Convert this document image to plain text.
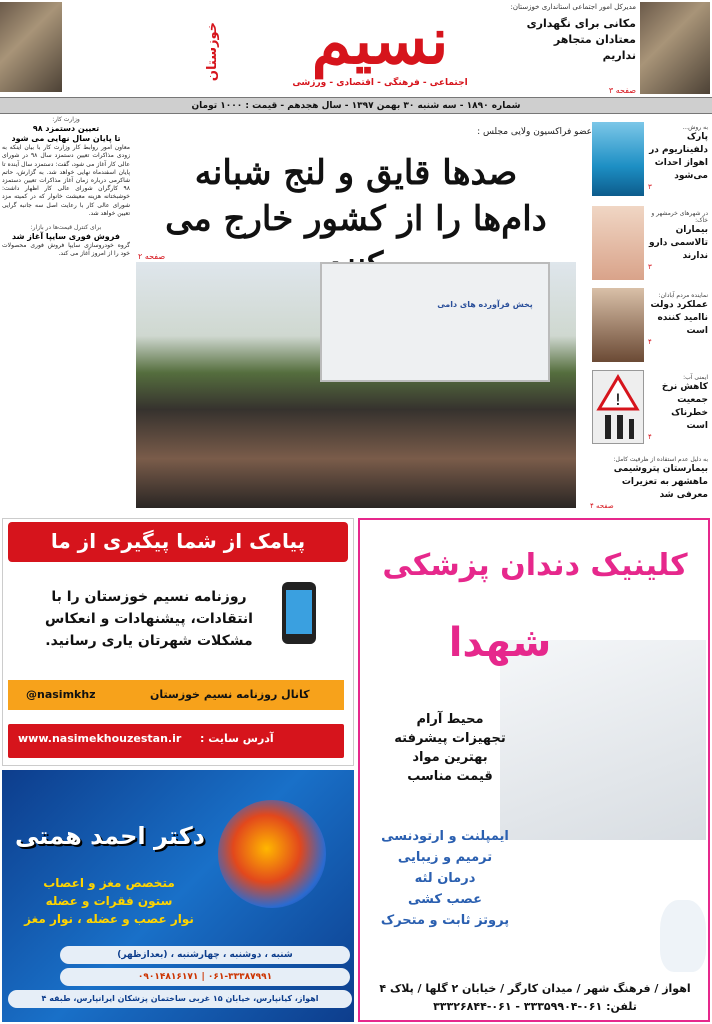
خوزستان	نسیم
اجتماعی - فرهنگی - اقتصادی - ورزشی
مدیرکل امور اجتماعی استانداری خوزستان:
مکانی برای نگهداری معتادان متجاهر نداریم
صفحه ۳
شماره ۱۸۹۰ - سه شنبه ۳۰ بهمن ۱۳۹۷ - سال هجدهم - قیمت : ۱۰۰۰ تومان
وزارت کار:
تعیین دستمزد ۹۸
تا پایان سال نهایی می شود

معاون امور روابط کار وزارت کار با بیان اینکه به زودی مذاکرات تعیین دستمزد سال ۹۸ در شورای عالی کار آغاز می شود، گفت: دستمزد سال آینده تا پایان اسفندماه نهایی خواهد شد. به گزارش، حاتم شاکرمی درباره زمان آغاز مذاکرات تعیین دستمزد ۹۸ کارگران شورای عالی کار اظهار داشت: خوشبختانه هزینه معیشت خانوار که در کمیته مزد شورای عالی کار با رعایت اصل سه جانبه گرایی تعیین خواهد شد.

برای کنترل قیمت‌ها در بازار:
فروش فوری سایپا آغاز شد

گروه خودروسازی سایپا فروش فوری محصولات خود را از امروز آغاز می کند.

عضو فراکسیون ولایی مجلس :
صدها قایق و لنج شبانه
دام‌ها را از کشور خارج می
صفحه ۲
پخش فرآورده های دامی
به روش...
پارک دلفیناریوم در اهواز احداث می‌شود
۳
در شهرهای خرمشهر و خاک:
بیماران تالاسمی دارو ندارند
۳
نماینده مردم آبادان:
عملکرد دولت ناامید کننده است
۴
!
ایمنی آب:
کاهش نرخ جمعیت خطرناک است
۴
به دلیل عدم استفاده از ظرفیت کامل:
بیمارستان پتروشیمی ماهشهر به تعزیرات معرفی شد
صفحه ۴
پیامک از شما پیگیری از ما
روزنامه نسیم خوزستان را با انتقادات، پیشنهادات و انعکاس مشکلات شهرتان یاری رسانید.
کانال روزنامه نسیم خوزستان
@nasimkhz
آدرس سایت :
www.nasimekhouzestan.ir
دکتر احمد همتی
متخصص مغز و اعصاب
ستون فقرات و عضله
نوار عصب و عضله ، نوار مغز
شنبه ، دوشنبه ، چهارشنبه ، (بعدازظهر)
۰۶۱-۳۳۳۸۷۹۹۱ | ۰۹۰۱۴۸۱۶۱۷۱
اهواز، کیانپارس، خیابان ۱۵ غربی ساختمان پزشکان ایرانپارس، طبقه ۴
کلینیک دندان پزشکی
شهدا
محیط آرام
تجهیزات پیشرفته
بهترین مواد
قیمت مناسب
ایمپلنت و ارتودنسی
ترمیم و زیبایی
درمان لثه
عصب کشی
پروتز ثابت و متحرک
اهواز / فرهنگ شهر / میدان کارگر / خیابان ۲ گلها / پلاک ۴
تلفن: ۰۶۱-۳۳۳۵۹۹۰۴ - ۰۶۱-۳۳۳۲۶۸۴۴
